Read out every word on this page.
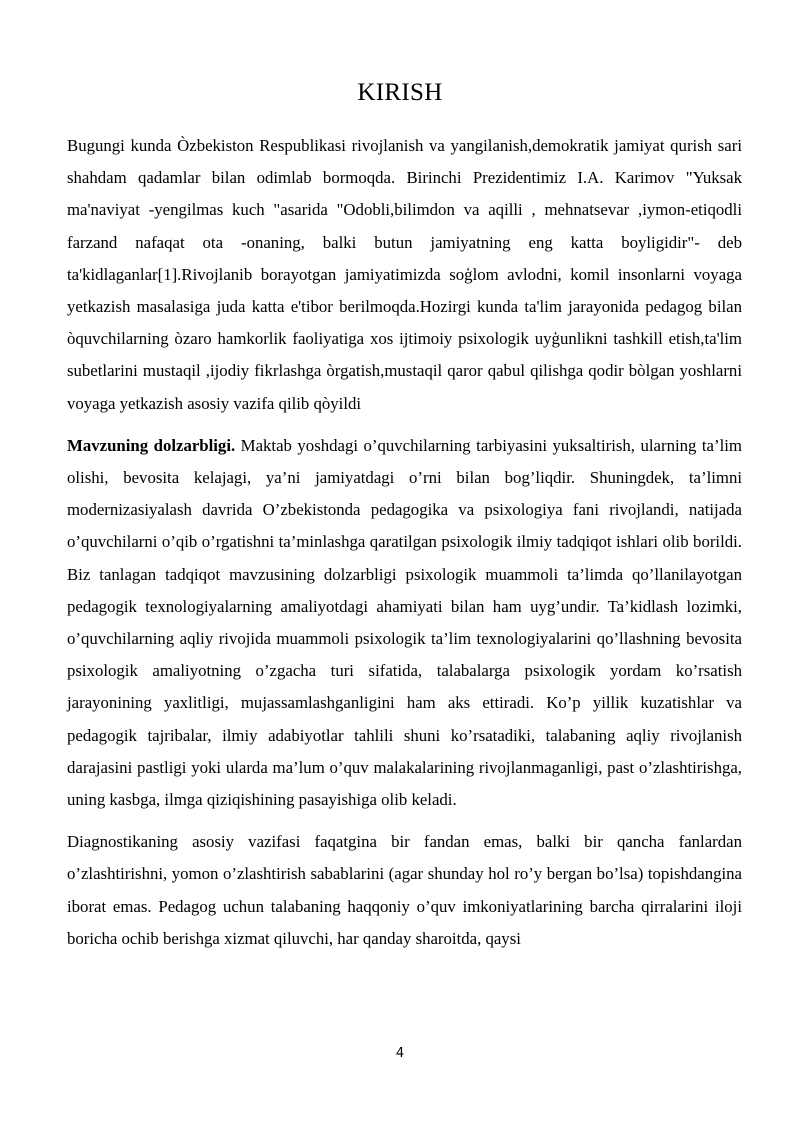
KIRISH

Bugungi kunda Òzbekiston Respublikasi rivojlanish va yangilanish,demokratik jamiyat qurish sari shahdam qadamlar bilan odimlab bormoqda. Birinchi Prezidentimiz I.A. Karimov "Yuksak ma'naviyat -yengilmas kuch "asarida "Odobli,bilimdon va aqilli , mehnatsevar ,iymon-etiqodli farzand nafaqat ota -onaning, balki butun jamiyatning eng katta boyligidir"- deb ta'kidlaganlar[1].Rivojlanib borayotgan jamiyatimizda soģlom avlodni, komil insonlarni voyaga yetkazish masalasiga juda katta e'tibor berilmoqda.Hozirgi kunda ta'lim jarayonida pedagog bilan òquvchilarning òzaro hamkorlik faoliyatiga xos ijtimoiy psixologik uyģunlikni tashkill etish,ta'lim subetlarini mustaqil ,ijodiy fikrlashga òrgatish,mustaqil qaror qabul qilishga qodir bòlgan yoshlarni voyaga yetkazish asosiy vazifa qilib qòyildi

Mavzuning dolzarbligi. Maktab yoshdagi o’quvchilarning tarbiyasini yuksaltirish, ularning ta’lim olishi, bevosita kelajagi, ya’ni jamiyatdagi o’rni bilan bog’liqdir. Shuningdek, ta’limni modernizasiyalash davrida O’zbekistonda pedagogika va psixologiya fani rivojlandi, natijada o’quvchilarni o’qib o’rgatishni ta’minlashga qaratilgan psixologik ilmiy tadqiqot ishlari olib borildi. Biz tanlagan tadqiqot mavzusining dolzarbligi psixologik muammoli ta’limda qo’llanilayotgan pedagogik texnologiyalarning amaliyotdagi ahamiyati bilan ham uyg’undir. Ta’kidlash lozimki, o’quvchilarning aqliy rivojida muammoli psixologik ta’lim texnologiyalarini qo’llashning bevosita psixologik amaliyotning o’zgacha turi sifatida, talabalarga psixologik yordam ko’rsatish jarayonining yaxlitligi, mujassamlashganligini ham aks ettiradi. Ko’p yillik kuzatishlar va pedagogik tajribalar, ilmiy adabiyotlar tahlili shuni ko’rsatadiki, talabaning aqliy rivojlanish darajasini pastligi yoki ularda ma’lum o’quv malakalarining rivojlanmaganligi, past o’zlashtirishga, uning kasbga, ilmga qiziqishining pasayishiga olib keladi.

Diagnostikaning asosiy vazifasi faqatgina bir fandan emas, balki bir qancha fanlardan o’zlashtirishni, yomon o’zlashtirish sabablarini (agar shunday hol ro’y bergan bo’lsa) topishdangina iborat emas. Pedagog uchun talabaning haqqoniy o’quv imkoniyatlarining barcha qirralarini iloji boricha ochib berishga xizmat qiluvchi, har qanday sharoitda, qaysi

4
